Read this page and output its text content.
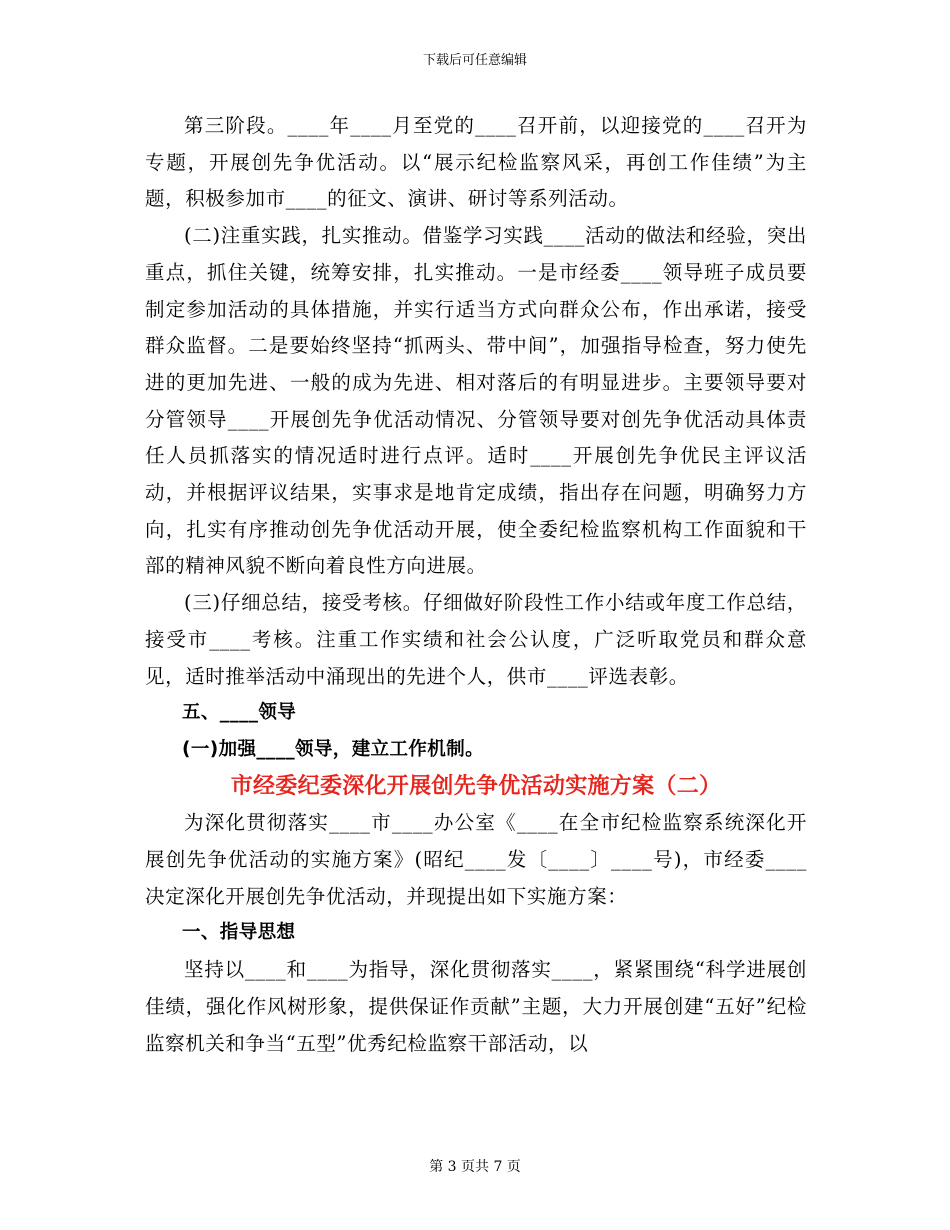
下载后可任意编辑

第三阶段。____年____月至党的____召开前，以迎接党的____召开为专题，开展创先争优活动。以“展示纪检监察风采，再创工作佳绩”为主题，积极参加市____的征文、演讲、研讨等系列活动。

(二)注重实践，扎实推动。借鉴学习实践____活动的做法和经验，突出重点，抓住关键，统筹安排，扎实推动。一是市经委____领导班子成员要制定参加活动的具体措施，并实行适当方式向群众公布，作出承诺，接受群众监督。二是要始终坚持“抓两头、带中间”，加强指导检查，努力使先进的更加先进、一般的成为先进、相对落后的有明显进步。主要领导要对分管领导____开展创先争优活动情况、分管领导要对创先争优活动具体责任人员抓落实的情况适时进行点评。适时____开展创先争优民主评议活动，并根据评议结果，实事求是地肯定成绩，指出存在问题，明确努力方向，扎实有序推动创先争优活动开展，使全委纪检监察机构工作面貌和干部的精神风貌不断向着良性方向进展。

(三)仔细总结，接受考核。仔细做好阶段性工作小结或年度工作总结，接受市____考核。注重工作实绩和社会公认度，广泛听取党员和群众意见，适时推举活动中涌现出的先进个人，供市____评选表彰。

五、____领导

(一)加强____领导，建立工作机制。

市经委纪委深化开展创先争优活动实施方案（二）

为深化贯彻落实____市____办公室《____在全市纪检监察系统深化开展创先争优活动的实施方案》(昭纪____发〔____〕____号)，市经委____决定深化开展创先争优活动，并现提出如下实施方案：

一、指导思想

坚持以____和____为指导，深化贯彻落实____，紧紧围绕“科学进展创佳绩，强化作风树形象，提供保证作贡献”主题，大力开展创建“五好”纪检监察机关和争当“五型”优秀纪检监察干部活动，以

第 3 页共 7 页
